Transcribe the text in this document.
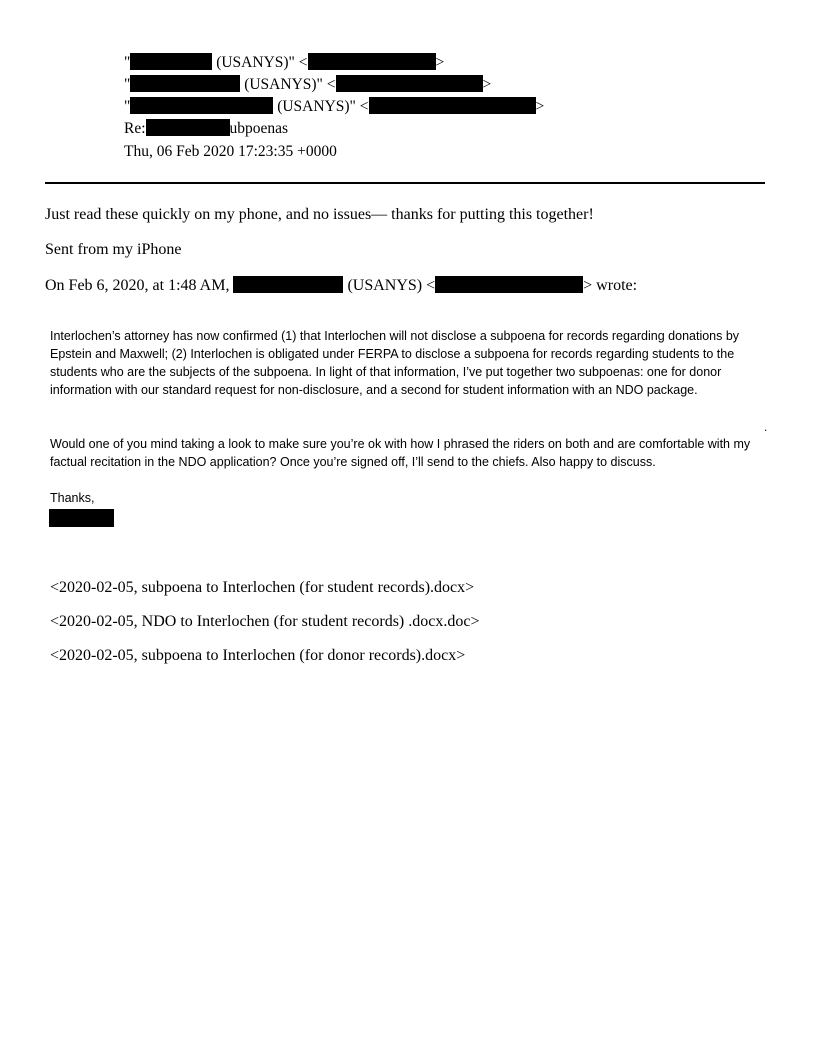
"	(USANYS)" <	>
"	(USANYS)" <	>
"	(USANYS)" <	>
Re:	ubpoenas
Thu, 06 Feb 2020 17:23:35 +0000
Just read these quickly on my phone, and no issues— thanks for putting this together!
Sent from my iPhone
On Feb 6, 2020, at 1:48 AM,	(USANYS) <	> wrote:

Interlochen’s attorney has now confirmed (1) that Interlochen will not disclose a subpoena for records regarding donations by Epstein and Maxwell; (2) Interlochen is obligated under FERPA to disclose a subpoena for records regarding students to the students who are the subjects of the subpoena. In light of that information, I’ve put together two subpoenas: one for donor information with our standard request for non-disclosure, and a second for student information with an NDO package.

.

Would one of you mind taking a look to make sure you’re ok with how I phrased the riders on both and are comfortable with my factual recitation in the NDO application? Once you’re signed off, I’ll send to the chiefs. Also happy to discuss.

Thanks,

<2020-02-05, subpoena to Interlochen (for student records).docx>
<2020-02-05, NDO to Interlochen (for student records) .docx.doc>
<2020-02-05, subpoena to Interlochen (for donor records).docx>
